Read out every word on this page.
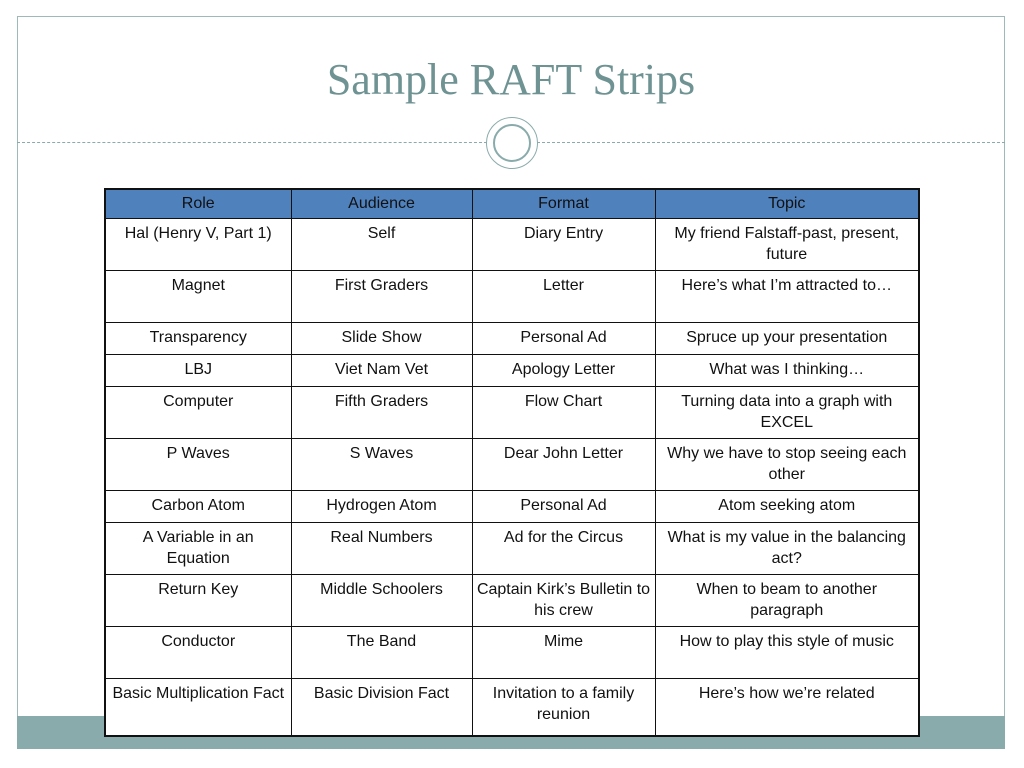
Sample RAFT Strips
Role	Audience	Format	Topic
Hal (Henry V, Part 1)	Self	Diary Entry	My friend Falstaff-past, present, future
Magnet	First Graders	Letter	Here’s what I’m attracted to…
Transparency	Slide Show	Personal Ad	Spruce up your presentation
LBJ	Viet Nam Vet	Apology Letter	What was I thinking…
Computer	Fifth Graders	Flow Chart	Turning data into a graph with EXCEL
P Waves	S Waves	Dear John Letter	Why we have to stop seeing each other
Carbon Atom	Hydrogen Atom	Personal Ad	Atom seeking atom
A Variable in an Equation	Real Numbers	Ad for the Circus	What is my value in the balancing act?
Return Key	Middle Schoolers	Captain Kirk’s Bulletin to his crew	When to beam to another paragraph
Conductor	The Band	Mime	How to play this style of music
Basic Multiplication Fact	Basic Division Fact	Invitation to a family reunion	Here’s how we’re related
